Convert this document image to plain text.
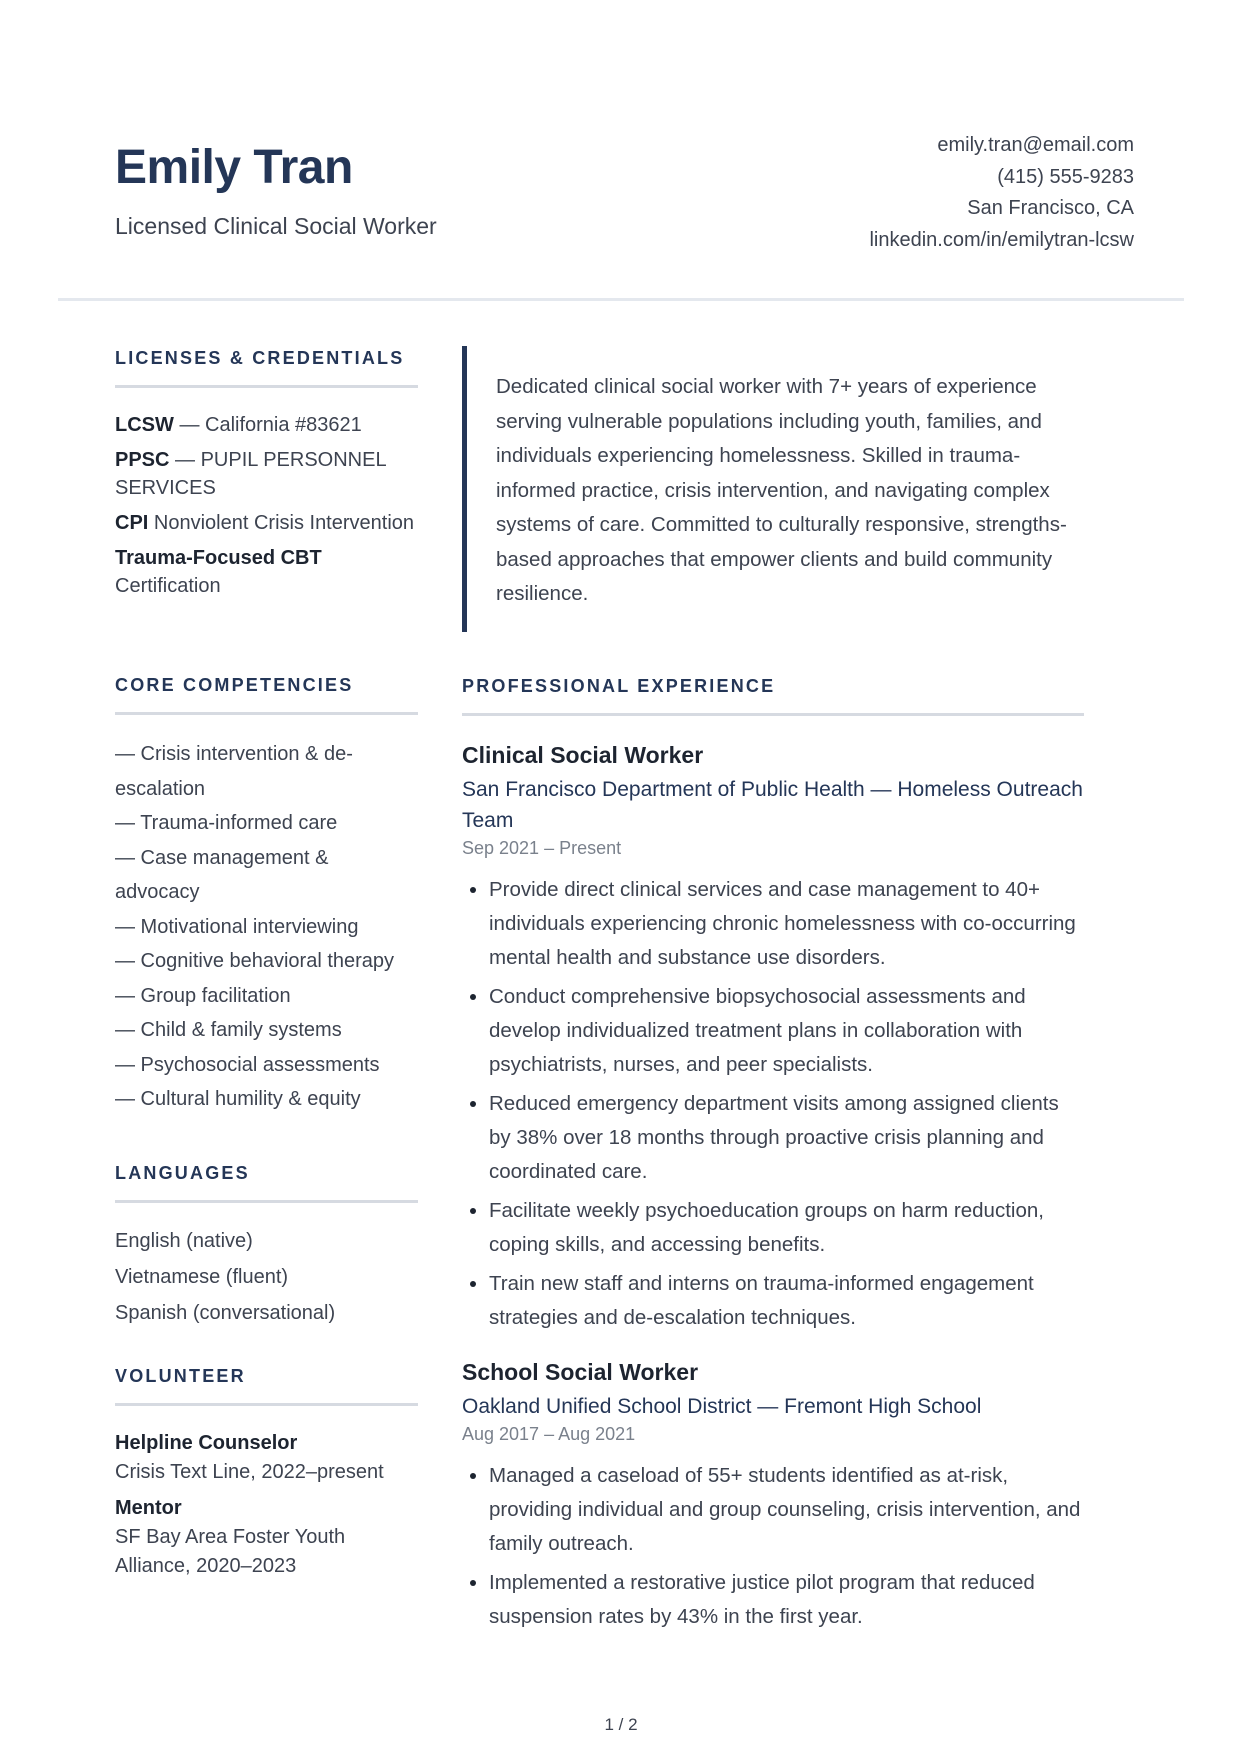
Emily Tran
Licensed Clinical Social Worker
emily.tran@email.com
(415) 555-9283
San Francisco, CA
linkedin.com/in/emilytran-lcsw
LICENSES & CREDENTIALS
LCSW — California #83621
PPSC — PUPIL PERSONNEL SERVICES
CPI Nonviolent Crisis Intervention
Trauma-Focused CBT
Certification
CORE COMPETENCIES
— Crisis intervention & de-escalation
— Trauma-informed care
— Case management & advocacy
— Motivational interviewing
— Cognitive behavioral therapy
— Group facilitation
— Child & family systems
— Psychosocial assessments
— Cultural humility & equity
LANGUAGES
English (native)
Vietnamese (fluent)
Spanish (conversational)
VOLUNTEER
Helpline Counselor
Crisis Text Line, 2022–present
Mentor
SF Bay Area Foster Youth Alliance, 2020–2023
Dedicated clinical social worker with 7+ years of experience serving vulnerable populations including youth, families, and individuals experiencing homelessness. Skilled in trauma-informed practice, crisis intervention, and navigating complex systems of care. Committed to culturally responsive, strengths-based approaches that empower clients and build community resilience.
PROFESSIONAL EXPERIENCE
Clinical Social Worker
San Francisco Department of Public Health — Homeless Outreach Team
Sep 2021 – Present
• Provide direct clinical services and case management to 40+ individuals experiencing chronic homelessness with co-occurring mental health and substance use disorders.
• Conduct comprehensive biopsychosocial assessments and develop individualized treatment plans in collaboration with psychiatrists, nurses, and peer specialists.
• Reduced emergency department visits among assigned clients by 38% over 18 months through proactive crisis planning and coordinated care.
• Facilitate weekly psychoeducation groups on harm reduction, coping skills, and accessing benefits.
• Train new staff and interns on trauma-informed engagement strategies and de-escalation techniques.
School Social Worker
Oakland Unified School District — Fremont High School
Aug 2017 – Aug 2021
• Managed a caseload of 55+ students identified as at-risk, providing individual and group counseling, crisis intervention, and family outreach.
• Implemented a restorative justice pilot program that reduced suspension rates by 43% in the first year.
1 / 2
